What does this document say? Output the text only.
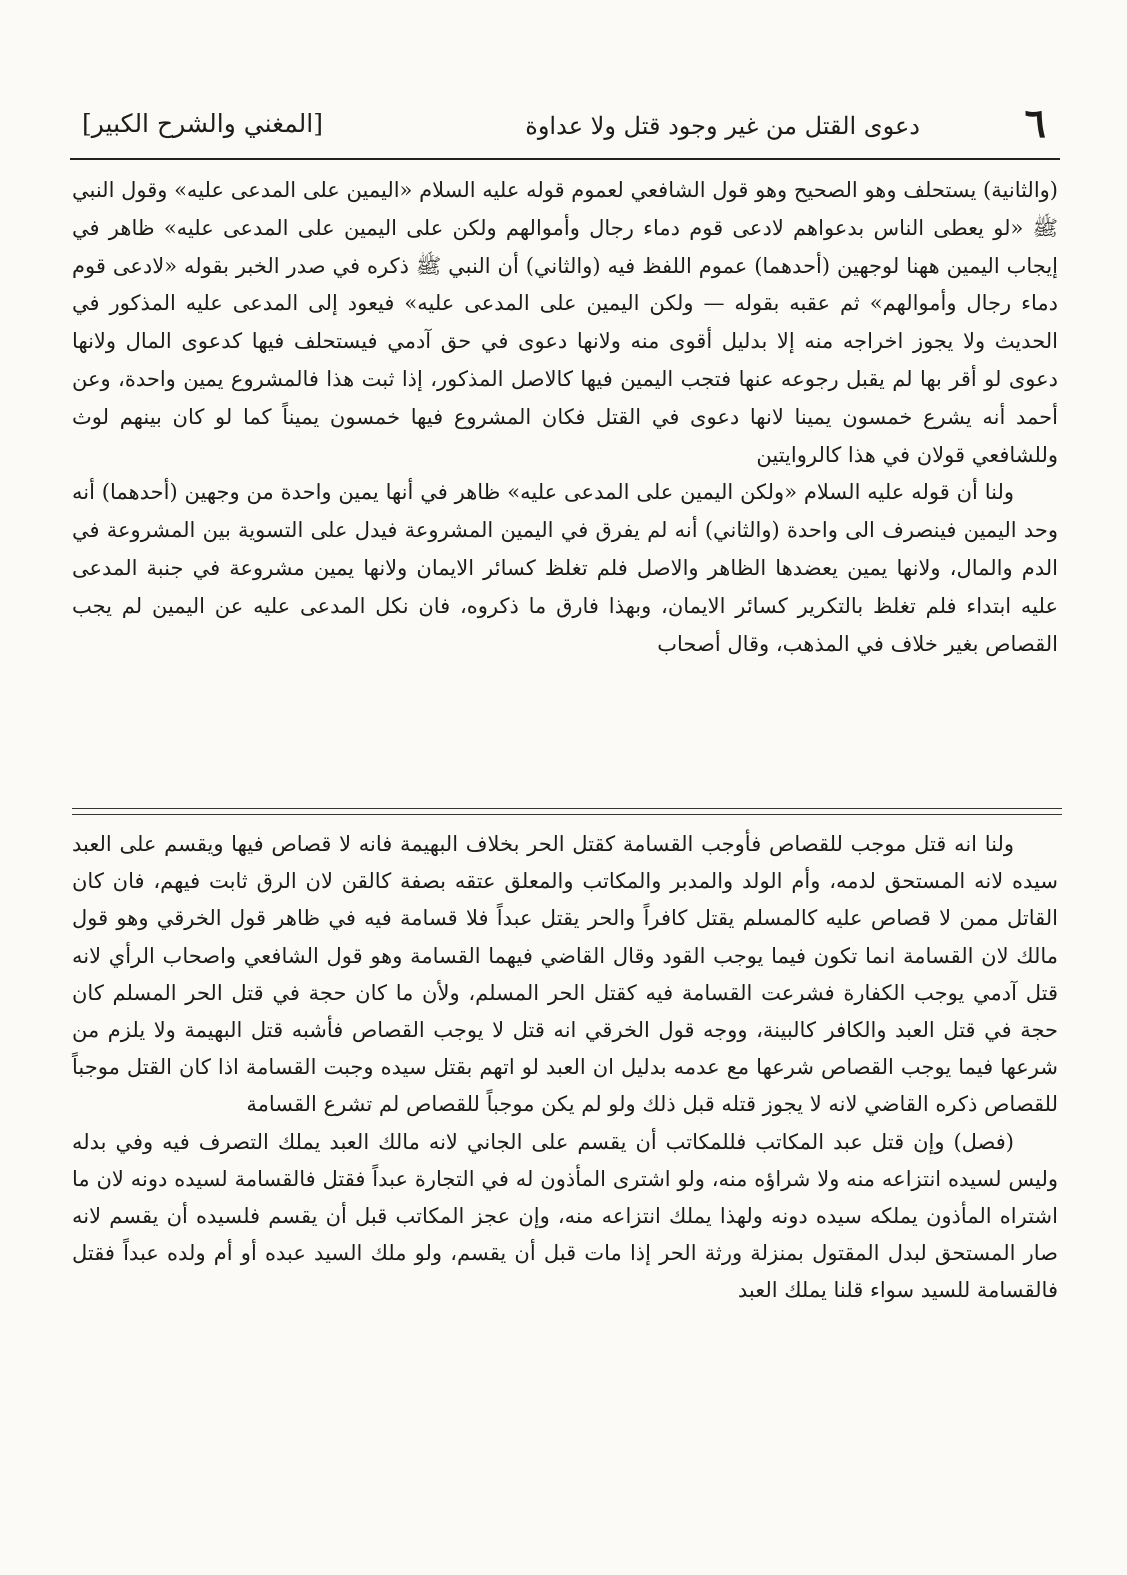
٦
دعوى القتل من غير وجود قتل ولا عداوة
[المغني والشرح الكبير]

(والثانية) يستحلف وهو الصحيح وهو قول الشافعي لعموم قوله عليه السلام «اليمين على المدعى عليه» وقول النبي ﷺ «لو يعطى الناس بدعواهم لادعى قوم دماء رجال وأموالهم ولكن على اليمين على المدعى عليه» ظاهر في إيجاب اليمين ههنا لوجهين (أحدهما) عموم اللفظ فيه (والثاني) أن النبي ﷺ ذكره في صدر الخبر بقوله «لادعى قوم دماء رجال وأموالهم» ثم عقبه بقوله — ولكن اليمين على المدعى عليه» فيعود إلى المدعى عليه المذكور في الحديث ولا يجوز اخراجه منه إلا بدليل أقوى منه ولانها دعوى في حق آدمي فيستحلف فيها كدعوى المال ولانها دعوى لو أقر بها لم يقبل رجوعه عنها فتجب اليمين فيها كالاصل المذكور، إذا ثبت هذا فالمشروع يمين واحدة، وعن أحمد أنه يشرع خمسون يمينا لانها دعوى في القتل فكان المشروع فيها خمسون يميناً كما لو كان بينهم لوث وللشافعي قولان في هذا كالروايتين

ولنا أن قوله عليه السلام «ولكن اليمين على المدعى عليه» ظاهر في أنها يمين واحدة من وجهين (أحدهما) أنه وحد اليمين فينصرف الى واحدة (والثاني) أنه لم يفرق في اليمين المشروعة فيدل على التسوية بين المشروعة في الدم والمال، ولانها يمين يعضدها الظاهر والاصل فلم تغلظ كسائر الايمان ولانها يمين مشروعة في جنبة المدعى عليه ابتداء فلم تغلظ بالتكرير كسائر الايمان، وبهذا فارق ما ذكروه، فان نكل المدعى عليه عن اليمين لم يجب القصاص بغير خلاف في المذهب، وقال أصحاب

ولنا انه قتل موجب للقصاص فأوجب القسامة كقتل الحر بخلاف البهيمة فانه لا قصاص فيها ويقسم على العبد سيده لانه المستحق لدمه، وأم الولد والمدبر والمكاتب والمعلق عتقه بصفة كالقن لان الرق ثابت فيهم، فان كان القاتل ممن لا قصاص عليه كالمسلم يقتل كافراً والحر يقتل عبداً فلا قسامة فيه في ظاهر قول الخرقي وهو قول مالك لان القسامة انما تكون فيما يوجب القود وقال القاضي فيهما القسامة وهو قول الشافعي واصحاب الرأي لانه قتل آدمي يوجب الكفارة فشرعت القسامة فيه كقتل الحر المسلم، ولأن ما كان حجة في قتل الحر المسلم كان حجة في قتل العبد والكافر كالبينة، ووجه قول الخرقي انه قتل لا يوجب القصاص فأشبه قتل البهيمة ولا يلزم من شرعها فيما يوجب القصاص شرعها مع عدمه بدليل ان العبد لو اتهم بقتل سيده وجبت القسامة اذا كان القتل موجباً للقصاص ذكره القاضي لانه لا يجوز قتله قبل ذلك ولو لم يكن موجباً للقصاص لم تشرع القسامة

(فصل) وإن قتل عبد المكاتب فللمكاتب أن يقسم على الجاني لانه مالك العبد يملك التصرف فيه وفي بدله وليس لسيده انتزاعه منه ولا شراؤه منه، ولو اشترى المأذون له في التجارة عبداً فقتل فالقسامة لسيده دونه لان ما اشتراه المأذون يملكه سيده دونه ولهذا يملك انتزاعه منه، وإن عجز المكاتب قبل أن يقسم فلسيده أن يقسم لانه صار المستحق لبدل المقتول بمنزلة ورثة الحر إذا مات قبل أن يقسم، ولو ملك السيد عبده أو أم ولده عبداً فقتل فالقسامة للسيد سواء قلنا يملك العبد
